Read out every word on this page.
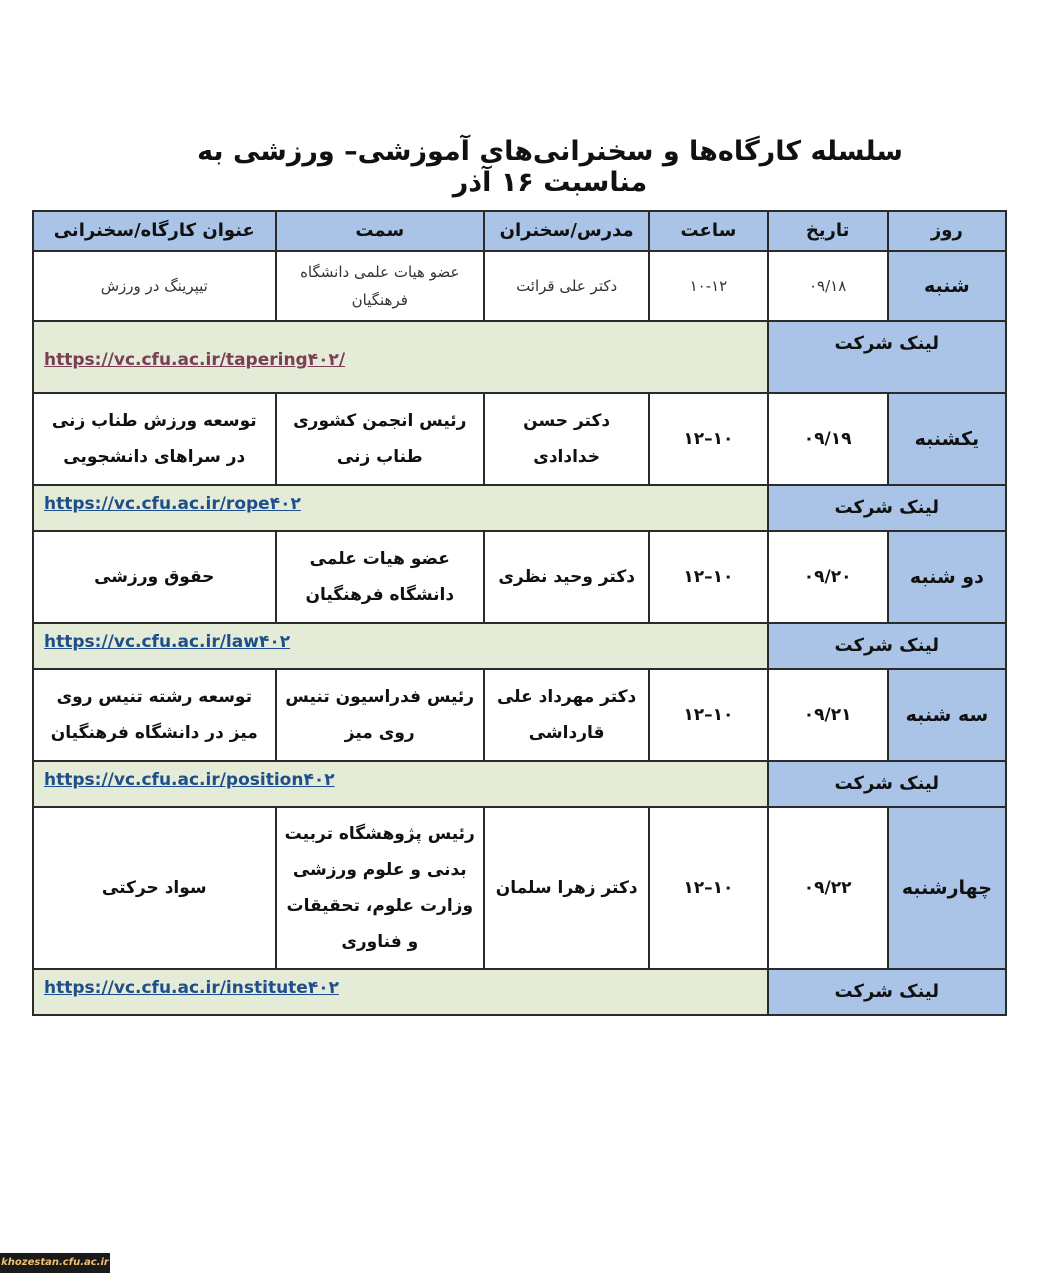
سلسله کارگاه‌ها و سخنرانی‌های آموزشی– ورزشی به مناسبت ۱۶ آذر
روز	تاریخ	ساعت	مدرس/سخنران	سمت	عنوان کارگاه/سخنرانی
شنبه	۰۹/۱۸	۱۰-۱۲	دکتر علی قرائت	عضو هیات علمی دانشگاه فرهنگیان	تیپرینگ در ورزش
لینک شرکت		https://vc.cfu.ac.ir/tapering۴۰۲/			
یکشنبه	۰۹/۱۹	۱۰–۱۲	دکتر حسن خدادادی	رئیس انجمن کشوری طناب زنی	توسعه ورزش طناب زنی در سراهای دانشجویی
لینک شرکت		https://vc.cfu.ac.ir/rope۴۰۲			
دو شنبه	۰۹/۲۰	۱۰–۱۲	دکتر وحید نظری	عضو هیات علمی دانشگاه فرهنگیان	حقوق ورزشی
لینک شرکت		https://vc.cfu.ac.ir/law۴۰۲			
سه شنبه	۰۹/۲۱	۱۰–۱۲	دکتر مهرداد علی قارداشی	رئیس فدراسیون تنیس روی میز	توسعه رشته تنیس روی میز در دانشگاه فرهنگیان
لینک شرکت		https://vc.cfu.ac.ir/position۴۰۲			
چهارشنبه	۰۹/۲۲	۱۰–۱۲	دکتر زهرا سلمان	رئیس پژوهشگاه تربیت بدنی و علوم ورزشی وزارت علوم، تحقیقات و فناوری	سواد حرکتی
لینک شرکت		https://vc.cfu.ac.ir/institute۴۰۲			
khozestan.cfu.ac.ir
